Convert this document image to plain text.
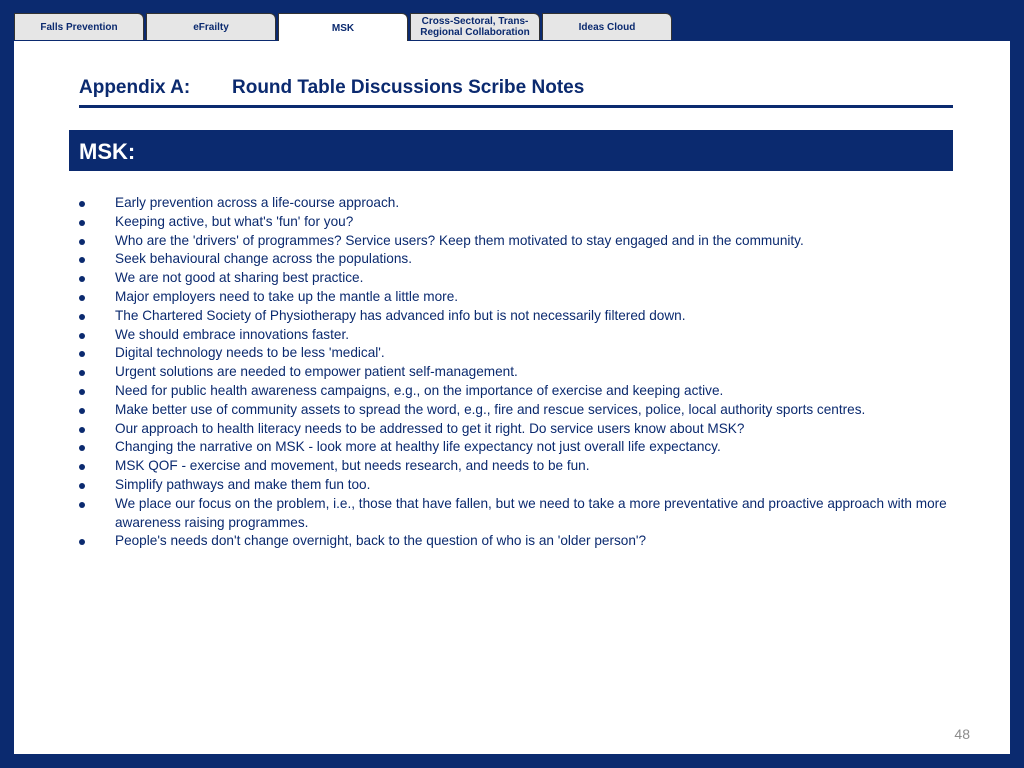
Falls Prevention	eFrailty	MSK
Cross-Sectoral, Trans-Regional Collaboration	Ideas Cloud
Appendix A: Round Table Discussions Scribe Notes
MSK:
Early prevention across a life-course approach.
Keeping active, but what's 'fun' for you?
Who are the 'drivers' of programmes? Service users? Keep them motivated to stay engaged and in the community.
Seek behavioural change across the populations.
We are not good at sharing best practice.
Major employers need to take up the mantle a little more.
The Chartered Society of Physiotherapy has advanced info but is not necessarily filtered down.
We should embrace innovations faster.
Digital technology needs to be less 'medical'.
Urgent solutions are needed to empower patient self-management.
Need for public health awareness campaigns, e.g., on the importance of exercise and keeping active.
Make better use of community assets to spread the word, e.g., fire and rescue services, police, local authority sports centres.
Our approach to health literacy needs to be addressed to get it right. Do service users know about MSK?
Changing the narrative on MSK - look more at healthy life expectancy not just overall life expectancy.
MSK QOF - exercise and movement, but needs research, and needs to be fun.
Simplify pathways and make them fun too.
We place our focus on the problem, i.e., those that have fallen, but we need to take a more preventative and proactive approach with more awareness raising programmes.
People's needs don't change overnight, back to the question of who is an 'older person'?
48
